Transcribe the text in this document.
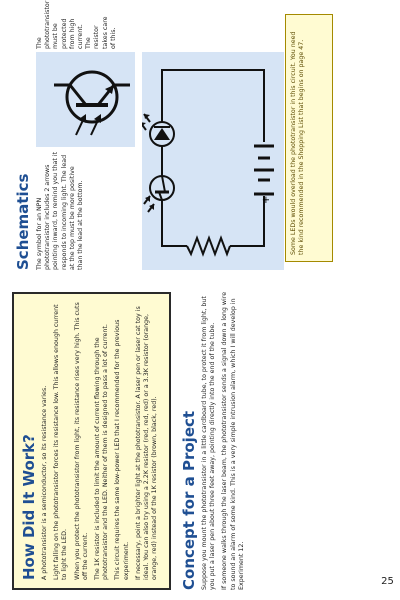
25
How Did It Work? A phototransistor is a semiconductor, so its resistance varies. Light falling on the phototransistor forces its resistance low. This allows enough current to light the LED. When you protect the phototransistor from light, its resistance rises very high. This cuts off the current. The 1K resistor is included to limit the amount of current flowing through the phototransistor and the LED. Neither of them is designed to pass a lot of current. This circuit requires the same low-power LED that I recommended for the previous experiment. If necessary, point a brighter light at the phototransistor. A laser pen or laser cat toy is ideal. You can also try using a 2.2K resistor (red, red, red) or a 3.3K resistor (orange, orange, red) instead of the 1K resistor (brown, black, red). Concept for a Project Suppose you mount the phototransistor in a little cardboard tube, to protect it from light, but you put a laser pen about three feet away, pointing directly into the end of the tube. If someone walks through the laser beam, the phototransistor sends a signal down a long wire to sound an alarm of some kind. This is a very simple intrusion alarm, which I will develop in Experiment 12.

Schematics The symbol for an NPN phototransistor includes 2 arrows pointing inward, to remind you that it responds to incoming light. The lead at the top must be more positive than the lead at the bottom.	+
The phototransistor must be protected from high current. The resistor takes care of this.	Some LEDs would overload the phototransistor in this circuit. You need the kind recommended in the Shopping List that begins on page 47.
